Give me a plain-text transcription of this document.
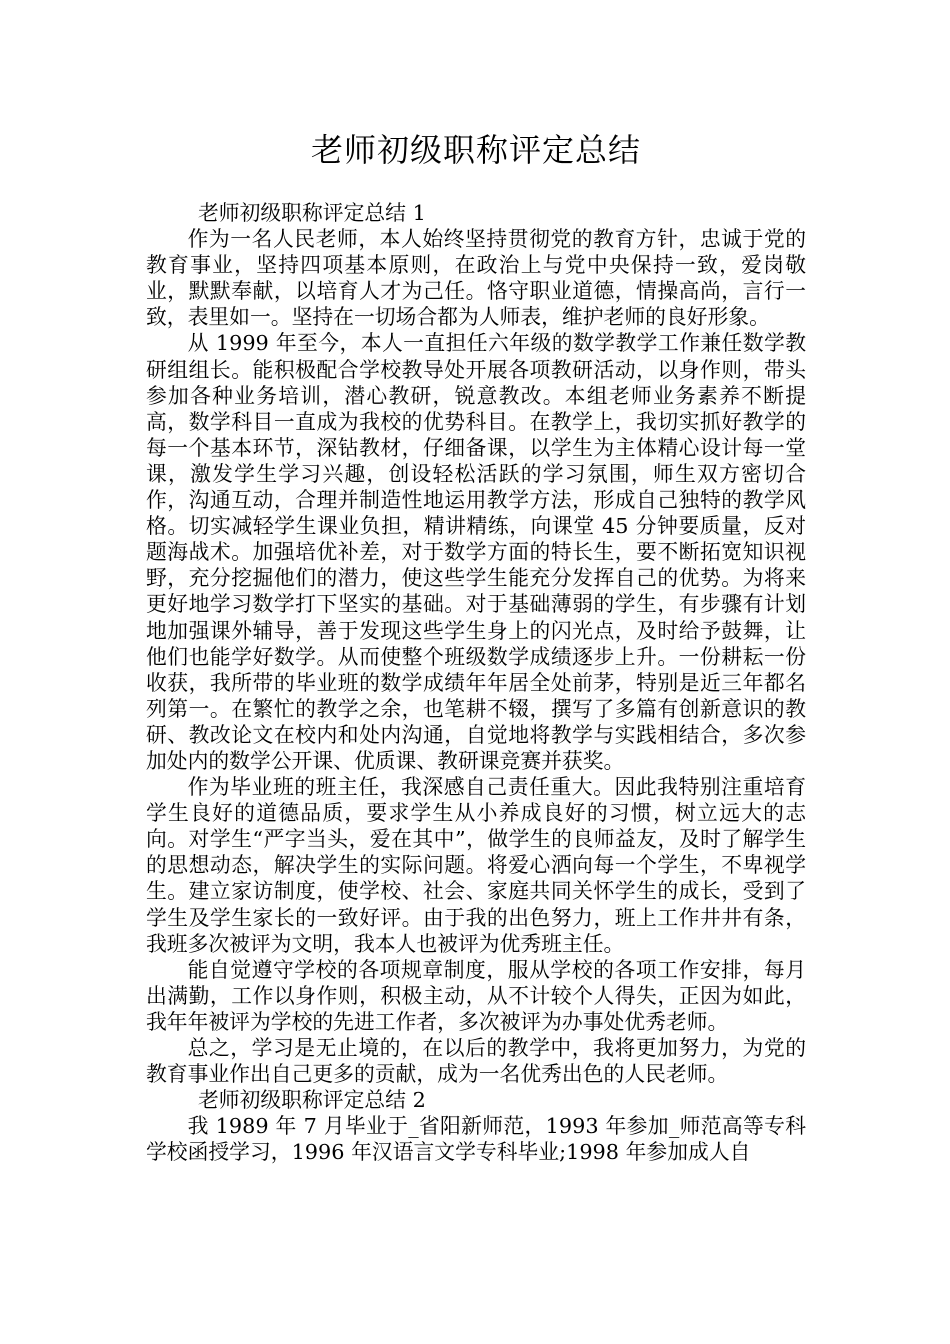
老师初级职称评定总结

老师初级职称评定总结 1

作为一名人民老师，本人始终坚持贯彻党的教育方针，忠诚于党的教育事业，坚持四项基本原则，在政治上与党中央保持一致，爱岗敬业，默默奉献，以培育人才为己任。恪守职业道德，情操高尚，言行一致，表里如一。坚持在一切场合都为人师表，维护老师的良好形象。

从 1999 年至今，本人一直担任六年级的数学教学工作兼任数学教研组组长。能积极配合学校教导处开展各项教研活动，以身作则，带头参加各种业务培训，潜心教研，锐意教改。本组老师业务素养不断提高，数学科目一直成为我校的优势科目。在教学上，我切实抓好教学的每一个基本环节，深钻教材，仔细备课，以学生为主体精心设计每一堂课，激发学生学习兴趣，创设轻松活跃的学习氛围，师生双方密切合作，沟通互动，合理并制造性地运用教学方法，形成自己独特的教学风格。切实减轻学生课业负担，精讲精练，向课堂 45 分钟要质量，反对题海战术。加强培优补差，对于数学方面的特长生，要不断拓宽知识视野，充分挖掘他们的潜力，使这些学生能充分发挥自己的优势。为将来更好地学习数学打下坚实的基础。对于基础薄弱的学生，有步骤有计划地加强课外辅导，善于发现这些学生身上的闪光点，及时给予鼓舞，让他们也能学好数学。从而使整个班级数学成绩逐步上升。一份耕耘一份收获，我所带的毕业班的数学成绩年年居全处前茅，特别是近三年都名列第一。在繁忙的教学之余，也笔耕不辍，撰写了多篇有创新意识的教研、教改论文在校内和处内沟通，自觉地将教学与实践相结合，多次参加处内的数学公开课、优质课、教研课竞赛并获奖。

作为毕业班的班主任，我深感自己责任重大。因此我特别注重培育学生良好的道德品质，要求学生从小养成良好的习惯，树立远大的志向。对学生“严字当头，爱在其中”，做学生的良师益友，及时了解学生的思想动态，解决学生的实际问题。将爱心洒向每一个学生，不卑视学生。建立家访制度，使学校、社会、家庭共同关怀学生的成长，受到了学生及学生家长的一致好评。由于我的出色努力，班上工作井井有条，我班多次被评为文明，我本人也被评为优秀班主任。

能自觉遵守学校的各项规章制度，服从学校的各项工作安排，每月出满勤，工作以身作则，积极主动，从不计较个人得失，正因为如此，我年年被评为学校的先进工作者，多次被评为办事处优秀老师。

总之，学习是无止境的，在以后的教学中，我将更加努力，为党的教育事业作出自己更多的贡献，成为一名优秀出色的人民老师。

老师初级职称评定总结 2

我 1989 年 7 月毕业于_省阳新师范，1993 年参加_师范高等专科学校函授学习，1996 年汉语言文学专科毕业;1998 年参加成人自
